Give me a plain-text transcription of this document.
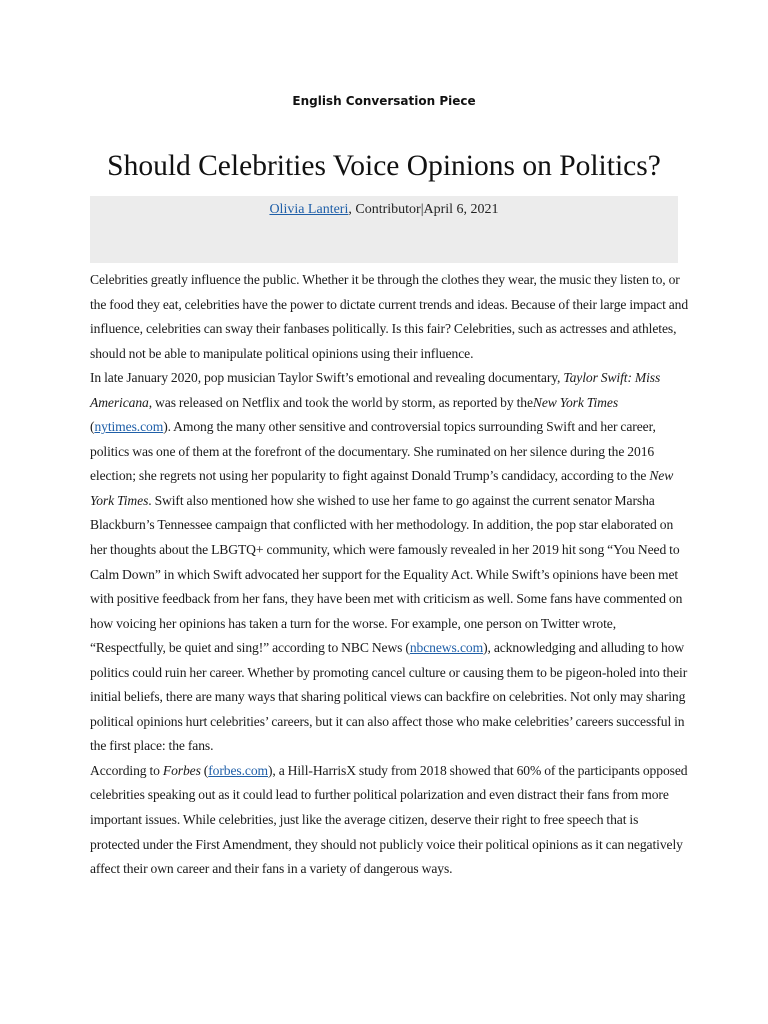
English Conversation Piece
Should Celebrities Voice Opinions on Politics?
Olivia Lanteri, Contributor|April 6, 2021

Celebrities greatly influence the public. Whether it be through the clothes they wear, the music they listen to, or the food they eat, celebrities have the power to dictate current trends and ideas. Because of their large impact and influence, celebrities can sway their fanbases politically. Is this fair? Celebrities, such as actresses and athletes, should not be able to manipulate political opinions using their influence.

In late January 2020, pop musician Taylor Swift’s emotional and revealing documentary, Taylor Swift: Miss Americana, was released on Netflix and took the world by storm, as reported by theNew York Times (nytimes.com). Among the many other sensitive and controversial topics surrounding Swift and her career, politics was one of them at the forefront of the documentary. She ruminated on her silence during the 2016 election; she regrets not using her popularity to fight against Donald Trump’s candidacy, according to the New York Times. Swift also mentioned how she wished to use her fame to go against the current senator Marsha Blackburn’s Tennessee campaign that conflicted with her methodology. In addition, the pop star elaborated on her thoughts about the LBGTQ+ community, which were famously revealed in her 2019 hit song “You Need to Calm Down” in which Swift advocated her support for the Equality Act. While Swift’s opinions have been met with positive feedback from her fans, they have been met with criticism as well. Some fans have commented on how voicing her opinions has taken a turn for the worse. For example, one person on Twitter wrote, “Respectfully, be quiet and sing!” according to NBC News (nbcnews.com), acknowledging and alluding to how politics could ruin her career. Whether by promoting cancel culture or causing them to be pigeon-holed into their initial beliefs, there are many ways that sharing political views can backfire on celebrities. Not only may sharing political opinions hurt celebrities’ careers, but it can also affect those who make celebrities’ careers successful in the first place: the fans.

According to Forbes (forbes.com), a Hill-HarrisX study from 2018 showed that 60% of the participants opposed celebrities speaking out as it could lead to further political polarization and even distract their fans from more important issues. While celebrities, just like the average citizen, deserve their right to free speech that is protected under the First Amendment, they should not publicly voice their political opinions as it can negatively affect their own career and their fans in a variety of dangerous ways.
